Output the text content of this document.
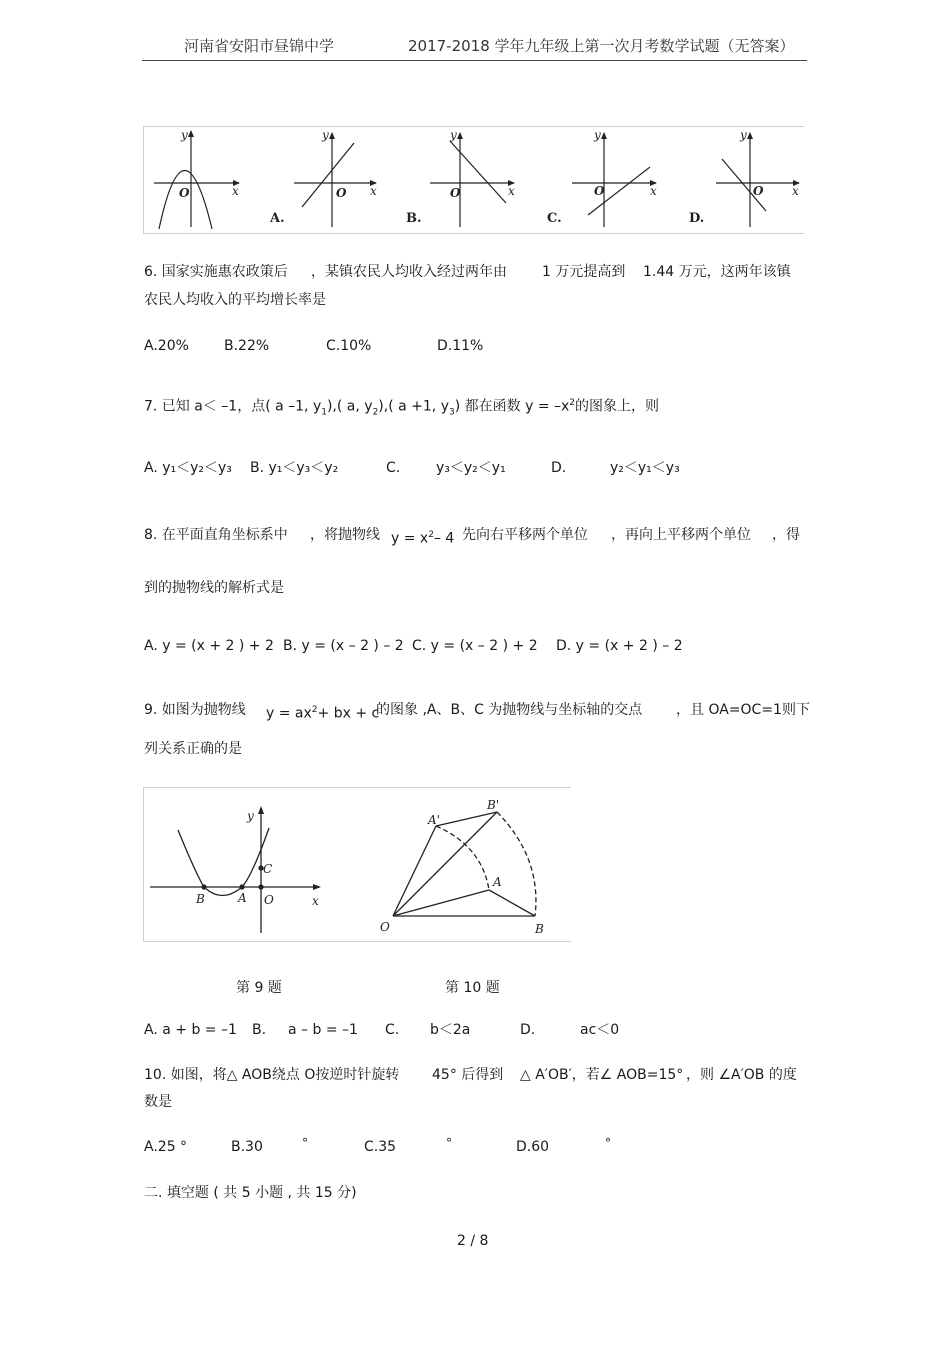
河南省安阳市昼锦中学	2017-2018 学年九年级上第一次月考数学试题（无答案）
y
x
O
y
x
O
y
x
O
y
x
O
y
x
O
A.	B.	C.	D.
6. 国家实施惠农政策后 ，某镇农民人均收入经过两年由	1 万元提高到 1.44 万元，这两年该镇
农民人均收入的平均增长率是
A.20%	B.22%	C.10%	D.11%
7. 已知 a＜ –1，点( a –1, $y_1$),( a, $y_2$),( a +1, $y_3$) 都在函数 $y = -x^2$的图象上，则
A. y₁＜y₂＜y₃ B. y₁＜y₃＜y₂	C.	y₃＜y₂＜y₁	D.	y₂＜y₁＜y₃
8. 在平面直角坐标系中 ，将抛物线 $y = x^2-$ 4 先向右平移两个单位 ，再向上平移两个单位 ，得
到的抛物线的解析式是
A. y = (x + 2 ) + 2 B. y = (x – 2 ) – 2 C. y = (x – 2 ) + 2 D. y = (x + 2 ) – 2
9. 如图为抛物线 $y = ax^2+$ bx + c
的图象 ,A、B、C 为抛物线与坐标轴的交点 ，且 OA=OC=1则下
列关系正确的是
y
x
B	A O
C
A'
B'
A
O	B
第 9 题	第 10 题
A. a + b = –1 B. a – b = –1 C. b＜2a	D.	ac＜0
10. 如图，将△ AOB绕点 O按逆时针旋转 45° 后得到 △ A′OB′，若∠ AOB=15° ，则 ∠A′OB 的度
数是
A.25 °	B.30	°	C.35	°	D.60	°
二. 填空题 ( 共 5 小题 , 共 15 分)
2 / 8
